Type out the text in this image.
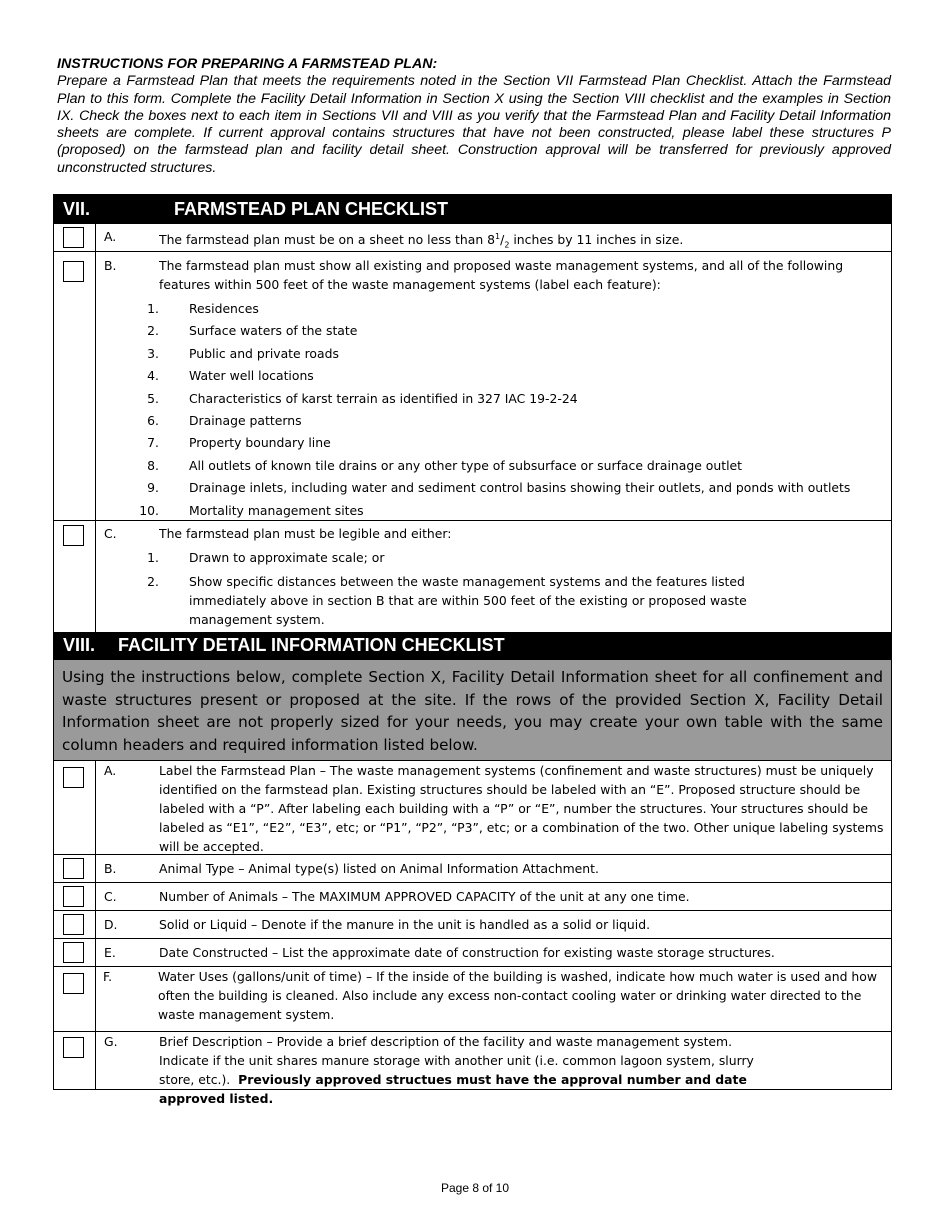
INSTRUCTIONS FOR PREPARING A FARMSTEAD PLAN:
Prepare a Farmstead Plan that meets the requirements noted in the Section VII Farmstead Plan Checklist. Attach the Farmstead Plan to this form. Complete the Facility Detail Information in Section X using the Section VIII checklist and the examples in Section IX. Check the boxes next to each item in Sections VII and VIII as you verify that the Farmstead Plan and Facility Detail Information sheets are complete. If current approval contains structures that have not been constructed, please label these structures P (proposed) on the farmstead plan and facility detail sheet. Construction approval will be transferred for previously approved unconstructed structures.
VII.	FARMSTEAD PLAN CHECKLIST
A.	The farmstead plan must be on a sheet no less than $8^1/_2$ inches by 11 inches in size.
B.	The farmstead plan must show all existing and proposed waste management systems, and all of the following features within 500 feet of the waste management systems (label each feature):
1. Residences
2. Surface waters of the state
3. Public and private roads
4. Water well locations
5. Characteristics of karst terrain as identified in 327 IAC 19-2-24
6. Drainage patterns
7. Property boundary line
8. All outlets of known tile drains or any other type of subsurface or surface drainage outlet
9. Drainage inlets, including water and sediment control basins showing their outlets, and ponds with outlets
10. Mortality management sites
C.	The farmstead plan must be legible and either:
1. Drawn to approximate scale; or
2. Show specific distances between the waste management systems and the features listed immediately above in section B that are within 500 feet of the existing or proposed waste management system.
VIII. FACILITY DETAIL INFORMATION CHECKLIST
Using the instructions below, complete Section X, Facility Detail Information sheet for all confinement and waste structures present or proposed at the site. If the rows of the provided Section X, Facility Detail Information sheet are not properly sized for your needs, you may create your own table with the same column headers and required information listed below.
A.	Label the Farmstead Plan – The waste management systems (confinement and waste structures) must be uniquely identified on the farmstead plan. Existing structures should be labeled with an “E”. Proposed structure should be labeled with a “P”. After labeling each building with a “P” or “E”, number the structures. Your structures should be labeled as “E1”, “E2”, “E3”, etc; or “P1”, “P2”, “P3”, etc; or a combination of the two. Other unique labeling systems will be accepted.
B.	Animal Type – Animal type(s) listed on Animal Information Attachment.
C.	Number of Animals – The MAXIMUM APPROVED CAPACITY of the unit at any one time.
D.	Solid or Liquid – Denote if the manure in the unit is handled as a solid or liquid.
E.	Date Constructed – List the approximate date of construction for existing waste storage structures.
F.	Water Uses (gallons/unit of time) – If the inside of the building is washed, indicate how much water is used and how often the building is cleaned. Also include any excess non-contact cooling water or drinking water directed to the waste management system.
G.	Brief Description – Provide a brief description of the facility and waste management system.
Indicate if the unit shares manure storage with another unit (i.e. common lagoon system, slurry store, etc.). Previously approved structues must have the approval number and date approved listed.
Page 8 of 10
